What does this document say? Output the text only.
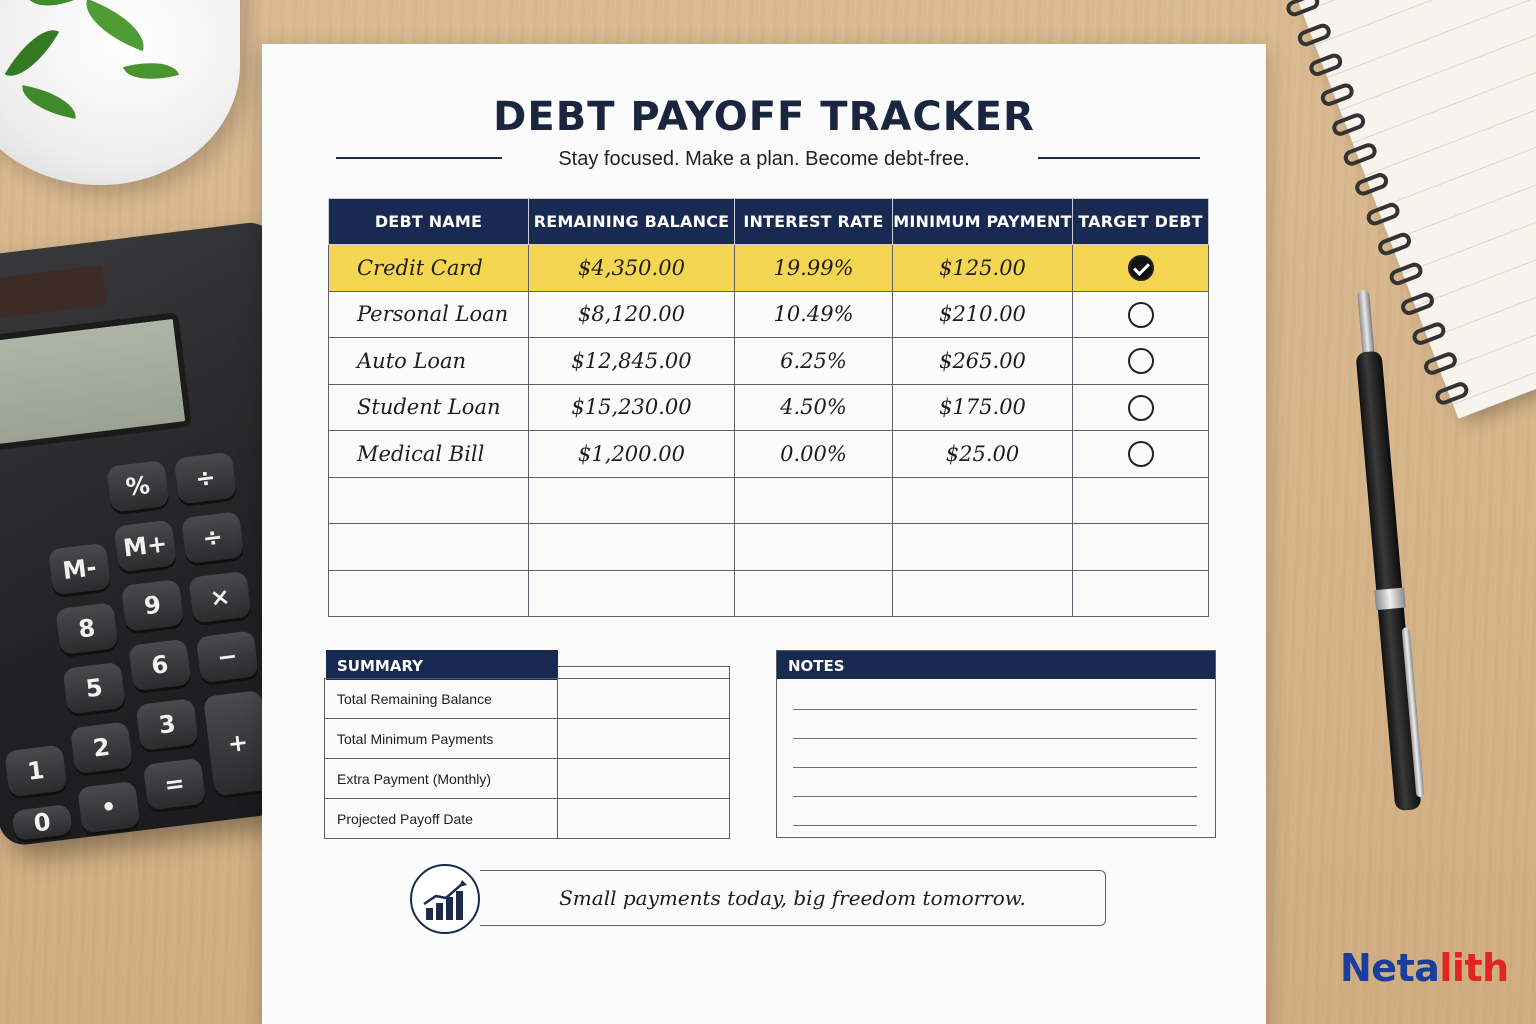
%	÷
M+	÷
M-
×
8
9
6	−
5
3
+
2
=
1
0
•
DEBT PAYOFF TRACKER
Stay focused. Make a plan. Become debt-free.
DEBT NAME	REMAINING BALANCE	INTEREST RATE	MINIMUM PAYMENT	TARGET DEBT
Credit Card	$4,350.00	19.99%	$125.00	
Personal Loan	$8,120.00	10.49%	$210.00	
Auto Loan	$12,845.00	6.25%	$265.00	
Student Loan	$15,230.00	4.50%	$175.00	
Medical Bill	$1,200.00	0.00%	$25.00	

SUMMARY
Total Remaining Balance	
Total Minimum Payments	
Extra Payment (Monthly)	
Projected Payoff Date	
NOTES
Small payments today, big freedom tomorrow.
Netalith
